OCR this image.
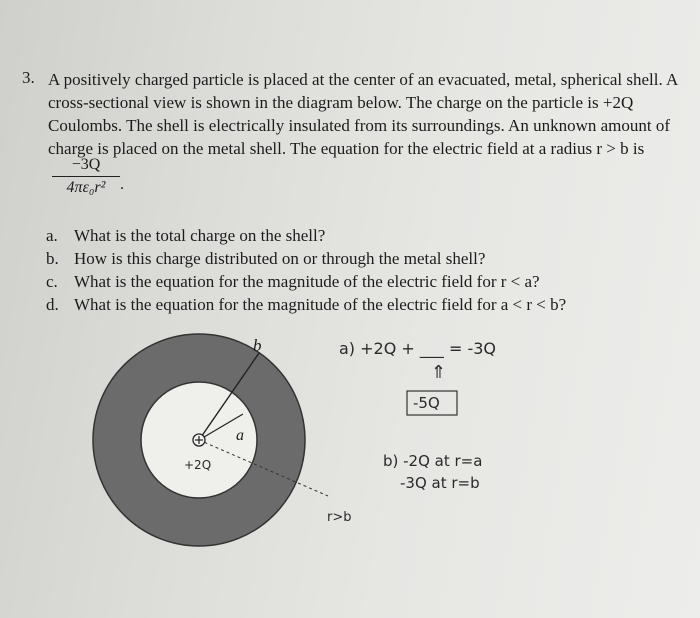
3. A positively charged particle is placed at the center of an evacuated, metal, spherical shell. A
cross-sectional view is shown in the diagram below. The charge on the particle is +2Q
Coulombs. The shell is electrically insulated from its surroundings. An unknown amount of
charge is placed on the metal shell. The equation for the electric field at a radius r > b is
−3Q
4πε₀r² .
a. What is the total charge on the shell?
b. How is this charge distributed on or through the metal shell?
c. What is the equation for the magnitude of the electric field for r < a?
d. What is the equation for the magnitude of the electric field for a < r < b?
b
a
+2Q
r>b
a) +2Q + ___ = -3Q
⇑
-5Q
b) -2Q at r=a
-3Q at r=b
